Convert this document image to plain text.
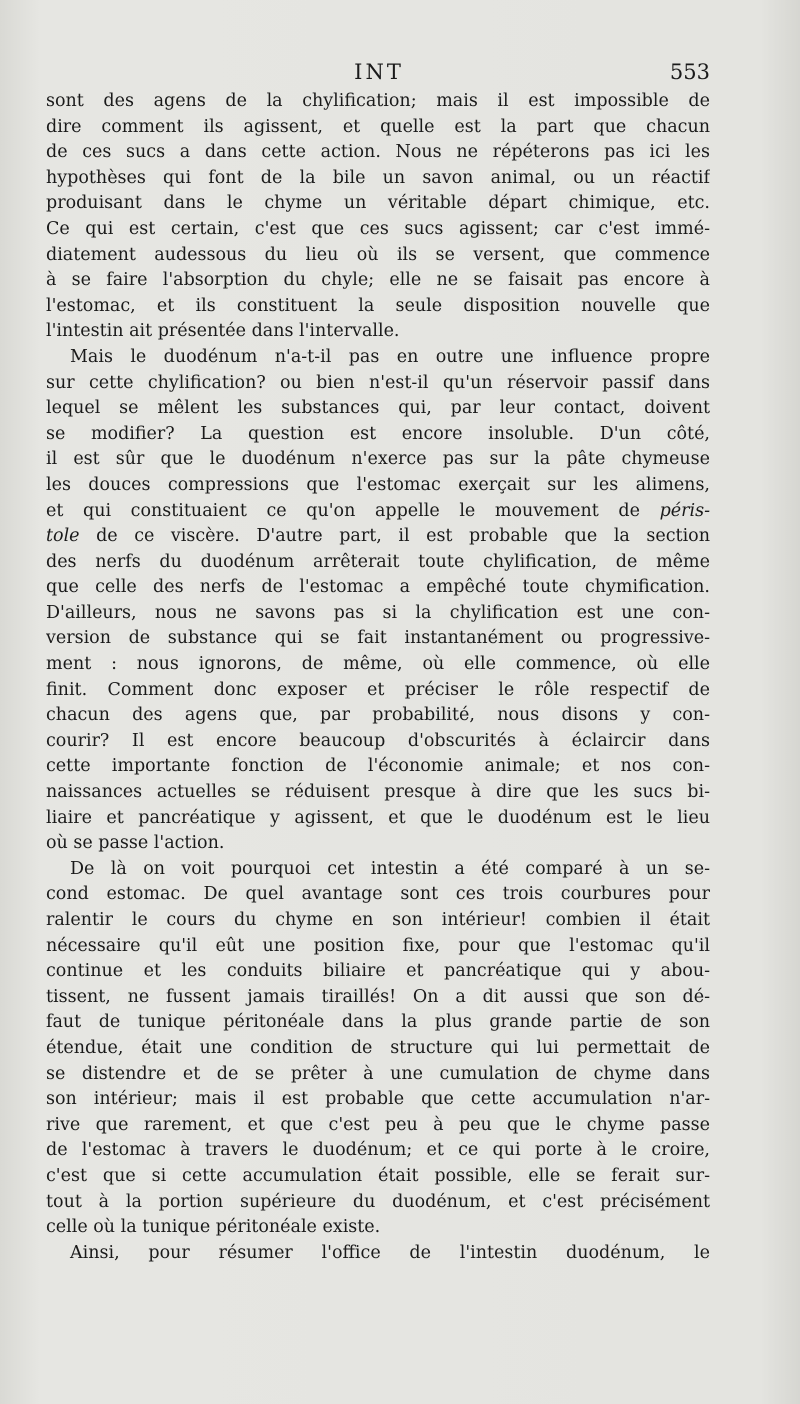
INT	553
sont des agens de la chylification; mais il est impossible de
dire comment ils agissent, et quelle est la part que chacun
de ces sucs a dans cette action. Nous ne répéterons pas ici les
hypothèses qui font de la bile un savon animal, ou un réactif
produisant dans le chyme un véritable départ chimique, etc.
Ce qui est certain, c'est que ces sucs agissent; car c'est immé-
diatement audessous du lieu où ils se versent, que commence
à se faire l'absorption du chyle; elle ne se faisait pas encore à
l'estomac, et ils constituent la seule disposition nouvelle que
l'intestin ait présentée dans l'intervalle.
Mais le duodénum n'a-t-il pas en outre une influence propre
sur cette chylification? ou bien n'est-il qu'un réservoir passif dans
lequel se mêlent les substances qui, par leur contact, doivent
se modifier? La question est encore insoluble. D'un côté,
il est sûr que le duodénum n'exerce pas sur la pâte chymeuse
les douces compressions que l'estomac exerçait sur les alimens,
et qui constituaient ce qu'on appelle le mouvement de péris-
tole de ce viscère. D'autre part, il est probable que la section
des nerfs du duodénum arrêterait toute chylification, de même
que celle des nerfs de l'estomac a empêché toute chymification.
D'ailleurs, nous ne savons pas si la chylification est une con-
version de substance qui se fait instantanément ou progressive-
ment : nous ignorons, de même, où elle commence, où elle
finit. Comment donc exposer et préciser le rôle respectif de
chacun des agens que, par probabilité, nous disons y con-
courir? Il est encore beaucoup d'obscurités à éclaircir dans
cette importante fonction de l'économie animale; et nos con-
naissances actuelles se réduisent presque à dire que les sucs bi-
liaire et pancréatique y agissent, et que le duodénum est le lieu
où se passe l'action.
De là on voit pourquoi cet intestin a été comparé à un se-
cond estomac. De quel avantage sont ces trois courbures pour
ralentir le cours du chyme en son intérieur! combien il était
nécessaire qu'il eût une position fixe, pour que l'estomac qu'il
continue et les conduits biliaire et pancréatique qui y abou-
tissent, ne fussent jamais tiraillés! On a dit aussi que son dé-
faut de tunique péritonéale dans la plus grande partie de son
étendue, était une condition de structure qui lui permettait de
se distendre et de se prêter à une cumulation de chyme dans
son intérieur; mais il est probable que cette accumulation n'ar-
rive que rarement, et que c'est peu à peu que le chyme passe
de l'estomac à travers le duodénum; et ce qui porte à le croire,
c'est que si cette accumulation était possible, elle se ferait sur-
tout à la portion supérieure du duodénum, et c'est précisément
celle où la tunique péritonéale existe.
Ainsi, pour résumer l'office de l'intestin duodénum, le
